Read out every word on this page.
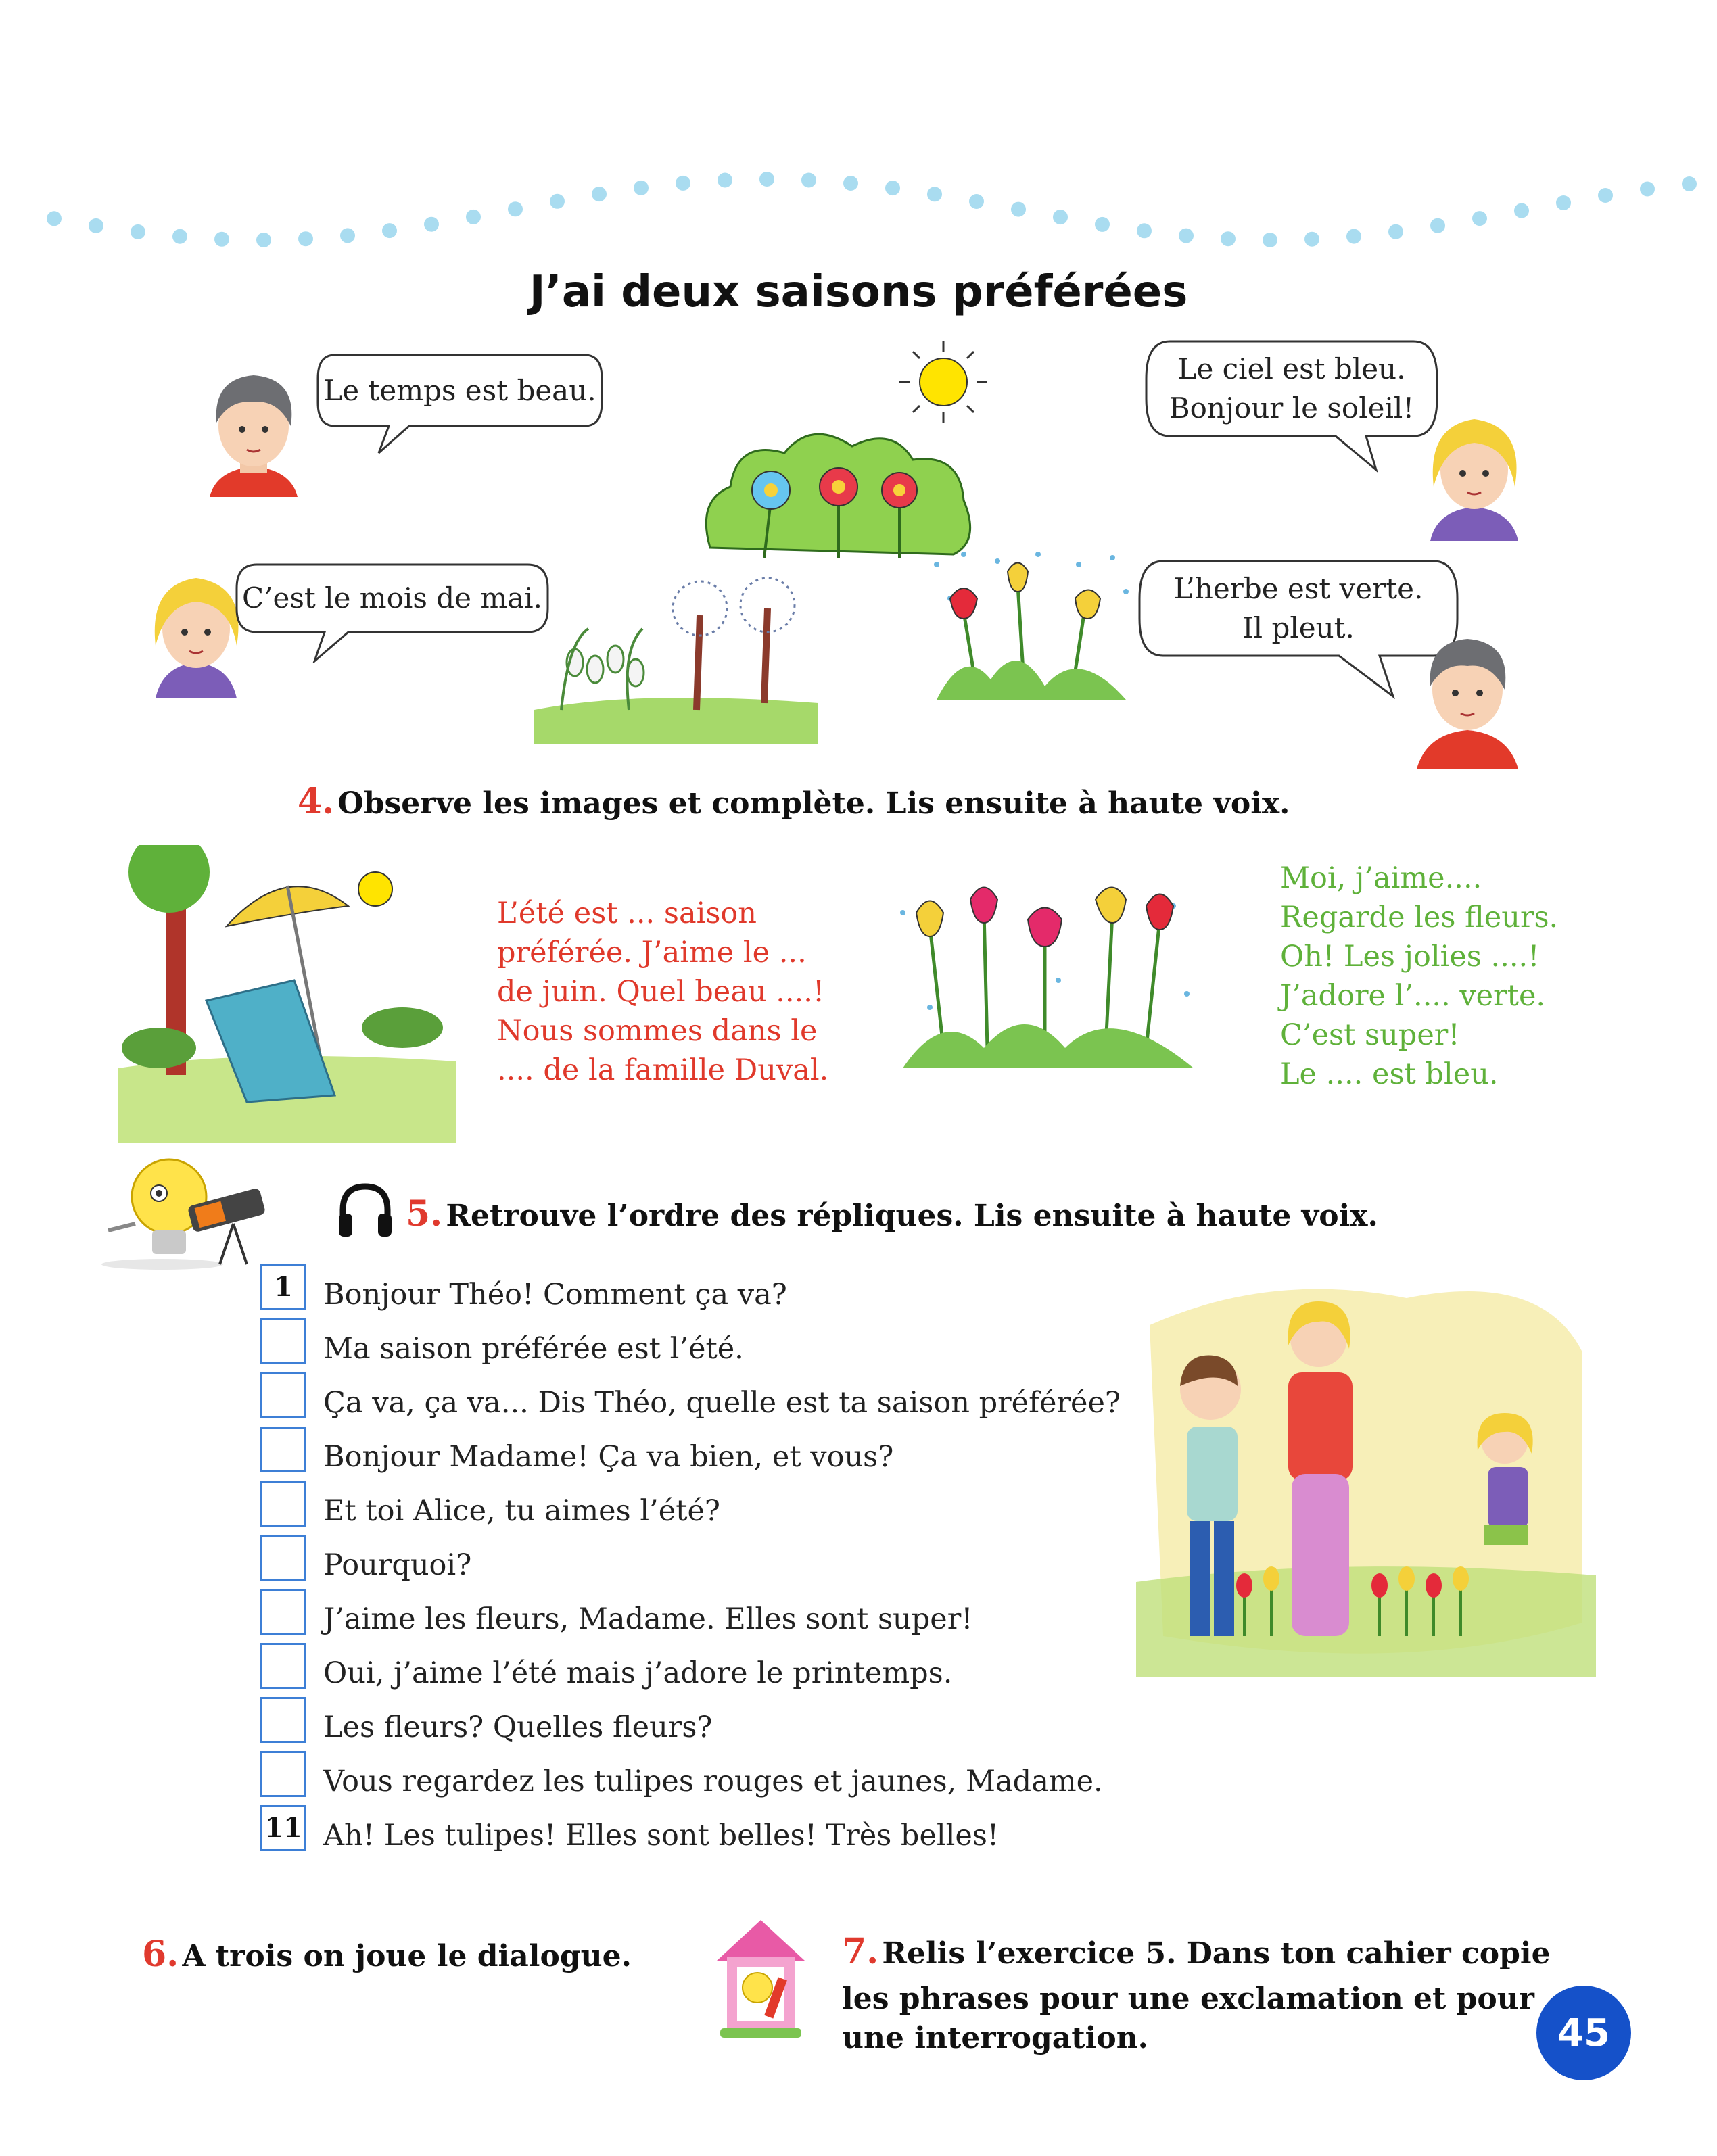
J’ai deux saisons préférées
Le temps est beau.
Le ciel est bleu.
Bonjour le soleil!
C’est le mois de mai.	L’herbe est verte.
Il pleut.
4. Observe les images et complète. Lis ensuite à haute voix.
L’été est ... saison
préférée. J’aime le ...
de juin. Quel beau ....!
Nous sommes dans le
.... de la famille Duval.
Moi, j’aime....
Regarde les fleurs.
Oh! Les jolies ....!
J’adore l’.... verte.
C’est super!
Le .... est bleu.
5. Retrouve l’ordre des répliques. Lis ensuite à haute voix.
1	Bonjour Théo! Comment ça va?
Ma saison préférée est l’été.
Ça va, ça va... Dis Théo, quelle est ta saison préférée?
Bonjour Madame! Ça va bien, et vous?
Et toi Alice, tu aimes l’été?
Pourquoi?
J’aime les fleurs, Madame. Elles sont super!
Oui, j’aime l’été mais j’adore le printemps.
Les fleurs? Quelles fleurs?
Vous regardez les tulipes rouges et jaunes, Madame.
11 Ah! Les tulipes! Elles sont belles! Très belles!
6. A trois on joue le dialogue.	7. Relis l’exercice 5. Dans ton cahier copie
les phrases pour une exclamation et pour
une interrogation.	45
